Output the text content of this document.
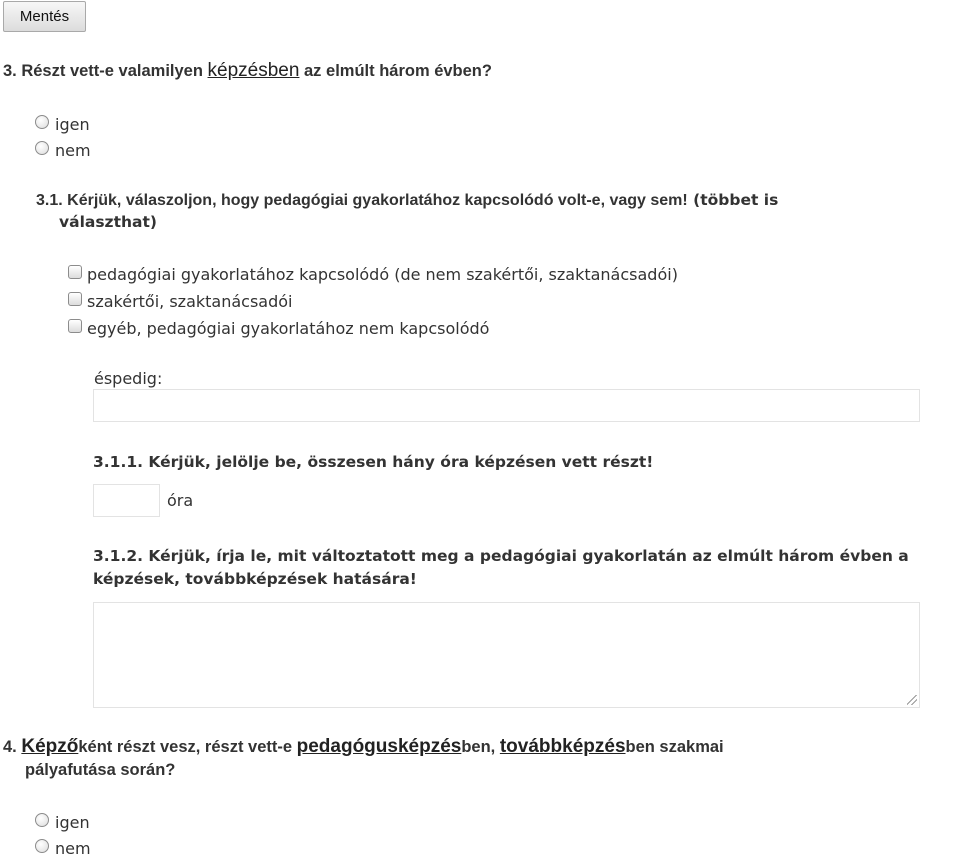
Mentés
3. Részt vett-e valamilyen képzésben az elmúlt három évben?
igen
nem
3.1. Kérjük, válaszoljon, hogy pedagógiai gyakorlatához kapcsolódó volt-e, vagy sem! (többet is
választhat)
pedagógiai gyakorlatához kapcsolódó (de nem szakértői, szaktanácsadói)
szakértői, szaktanácsadói
egyéb, pedagógiai gyakorlatához nem kapcsolódó
éspedig:
3.1.1. Kérjük, jelölje be, összesen hány óra képzésen vett részt!
óra
3.1.2. Kérjük, írja le, mit változtatott meg a pedagógiai gyakorlatán az elmúlt három évben a
képzések, továbbképzések hatására!
4. Képzőként részt vesz, részt vett-e pedagógusképzésben, továbbképzésben szakmai
pályafutása során?
igen
nem
